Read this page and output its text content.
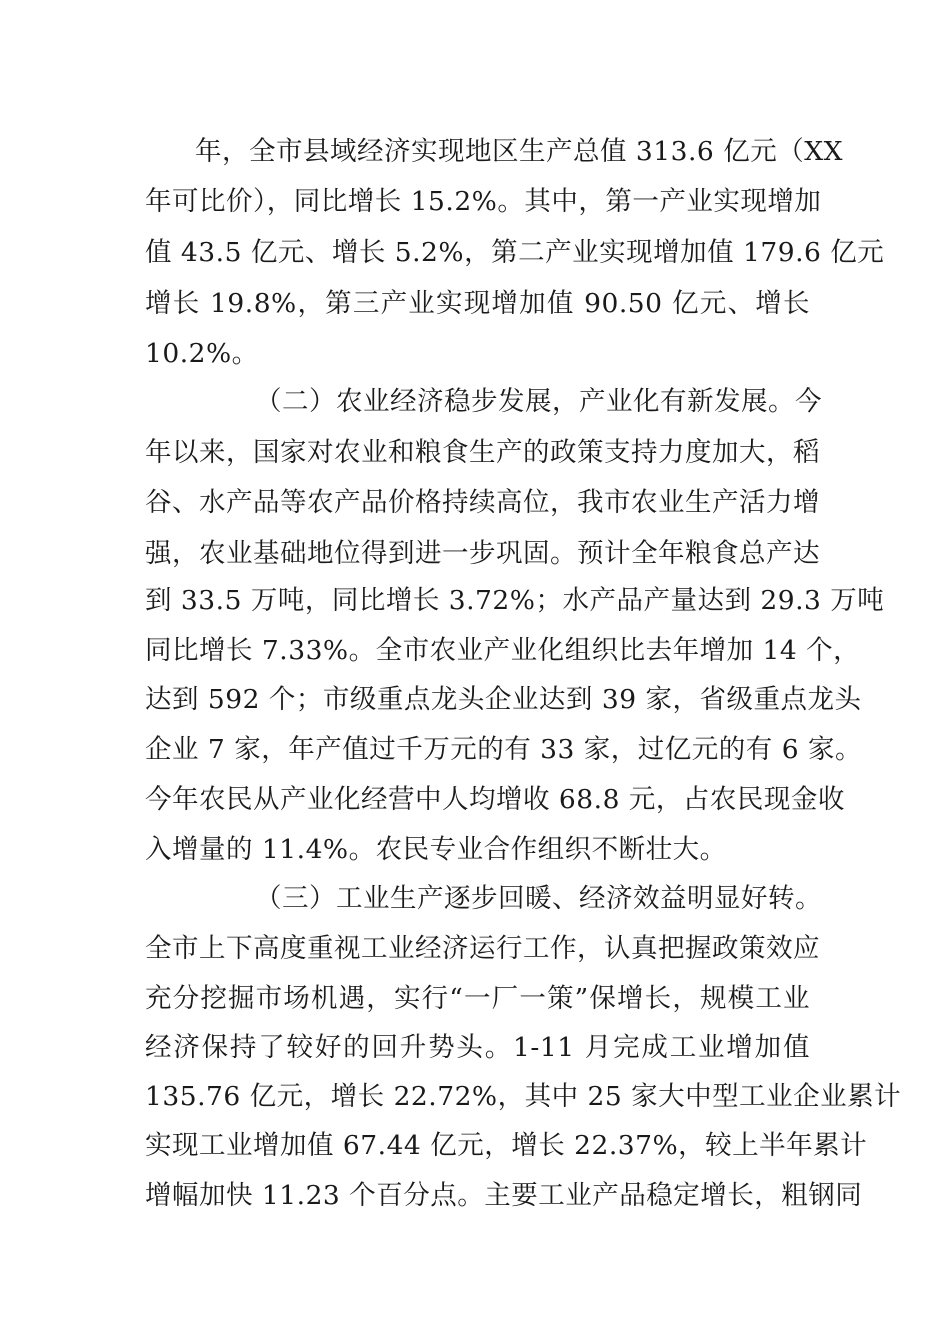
年，全市县域经济实现地区生产总值 313.6 亿元（XX
年可比价），同比增长 15.2%。其中，第一产业实现增加
值 43.5 亿元、增长 5.2%，第二产业实现增加值 179.6 亿元
增长 19.8%，第三产业实现增加值 90.50 亿元、增长
10.2%。
（二）农业经济稳步发展，产业化有新发展。今
年以来，国家对农业和粮食生产的政策支持力度加大，稻
谷、水产品等农产品价格持续高位，我市农业生产活力增
强，农业基础地位得到进一步巩固。预计全年粮食总产达
到 33.5 万吨，同比增长 3.72%；水产品产量达到 29.3 万吨
同比增长 7.33%。全市农业产业化组织比去年增加 14 个，
达到 592 个；市级重点龙头企业达到 39 家，省级重点龙头
企业 7 家，年产值过千万元的有 33 家，过亿元的有 6 家。
今年农民从产业化经营中人均增收 68.8 元，占农民现金收
入增量的 11.4%。农民专业合作组织不断壮大。
（三）工业生产逐步回暖、经济效益明显好转。
全市上下高度重视工业经济运行工作，认真把握政策效应
充分挖掘市场机遇，实行“一厂一策”保增长，规模工业
经济保持了较好的回升势头。1-11 月完成工业增加值
135.76 亿元，增长 22.72%，其中 25 家大中型工业企业累计
实现工业增加值 67.44 亿元，增长 22.37%，较上半年累计
增幅加快 11.23 个百分点。主要工业产品稳定增长，粗钢同
